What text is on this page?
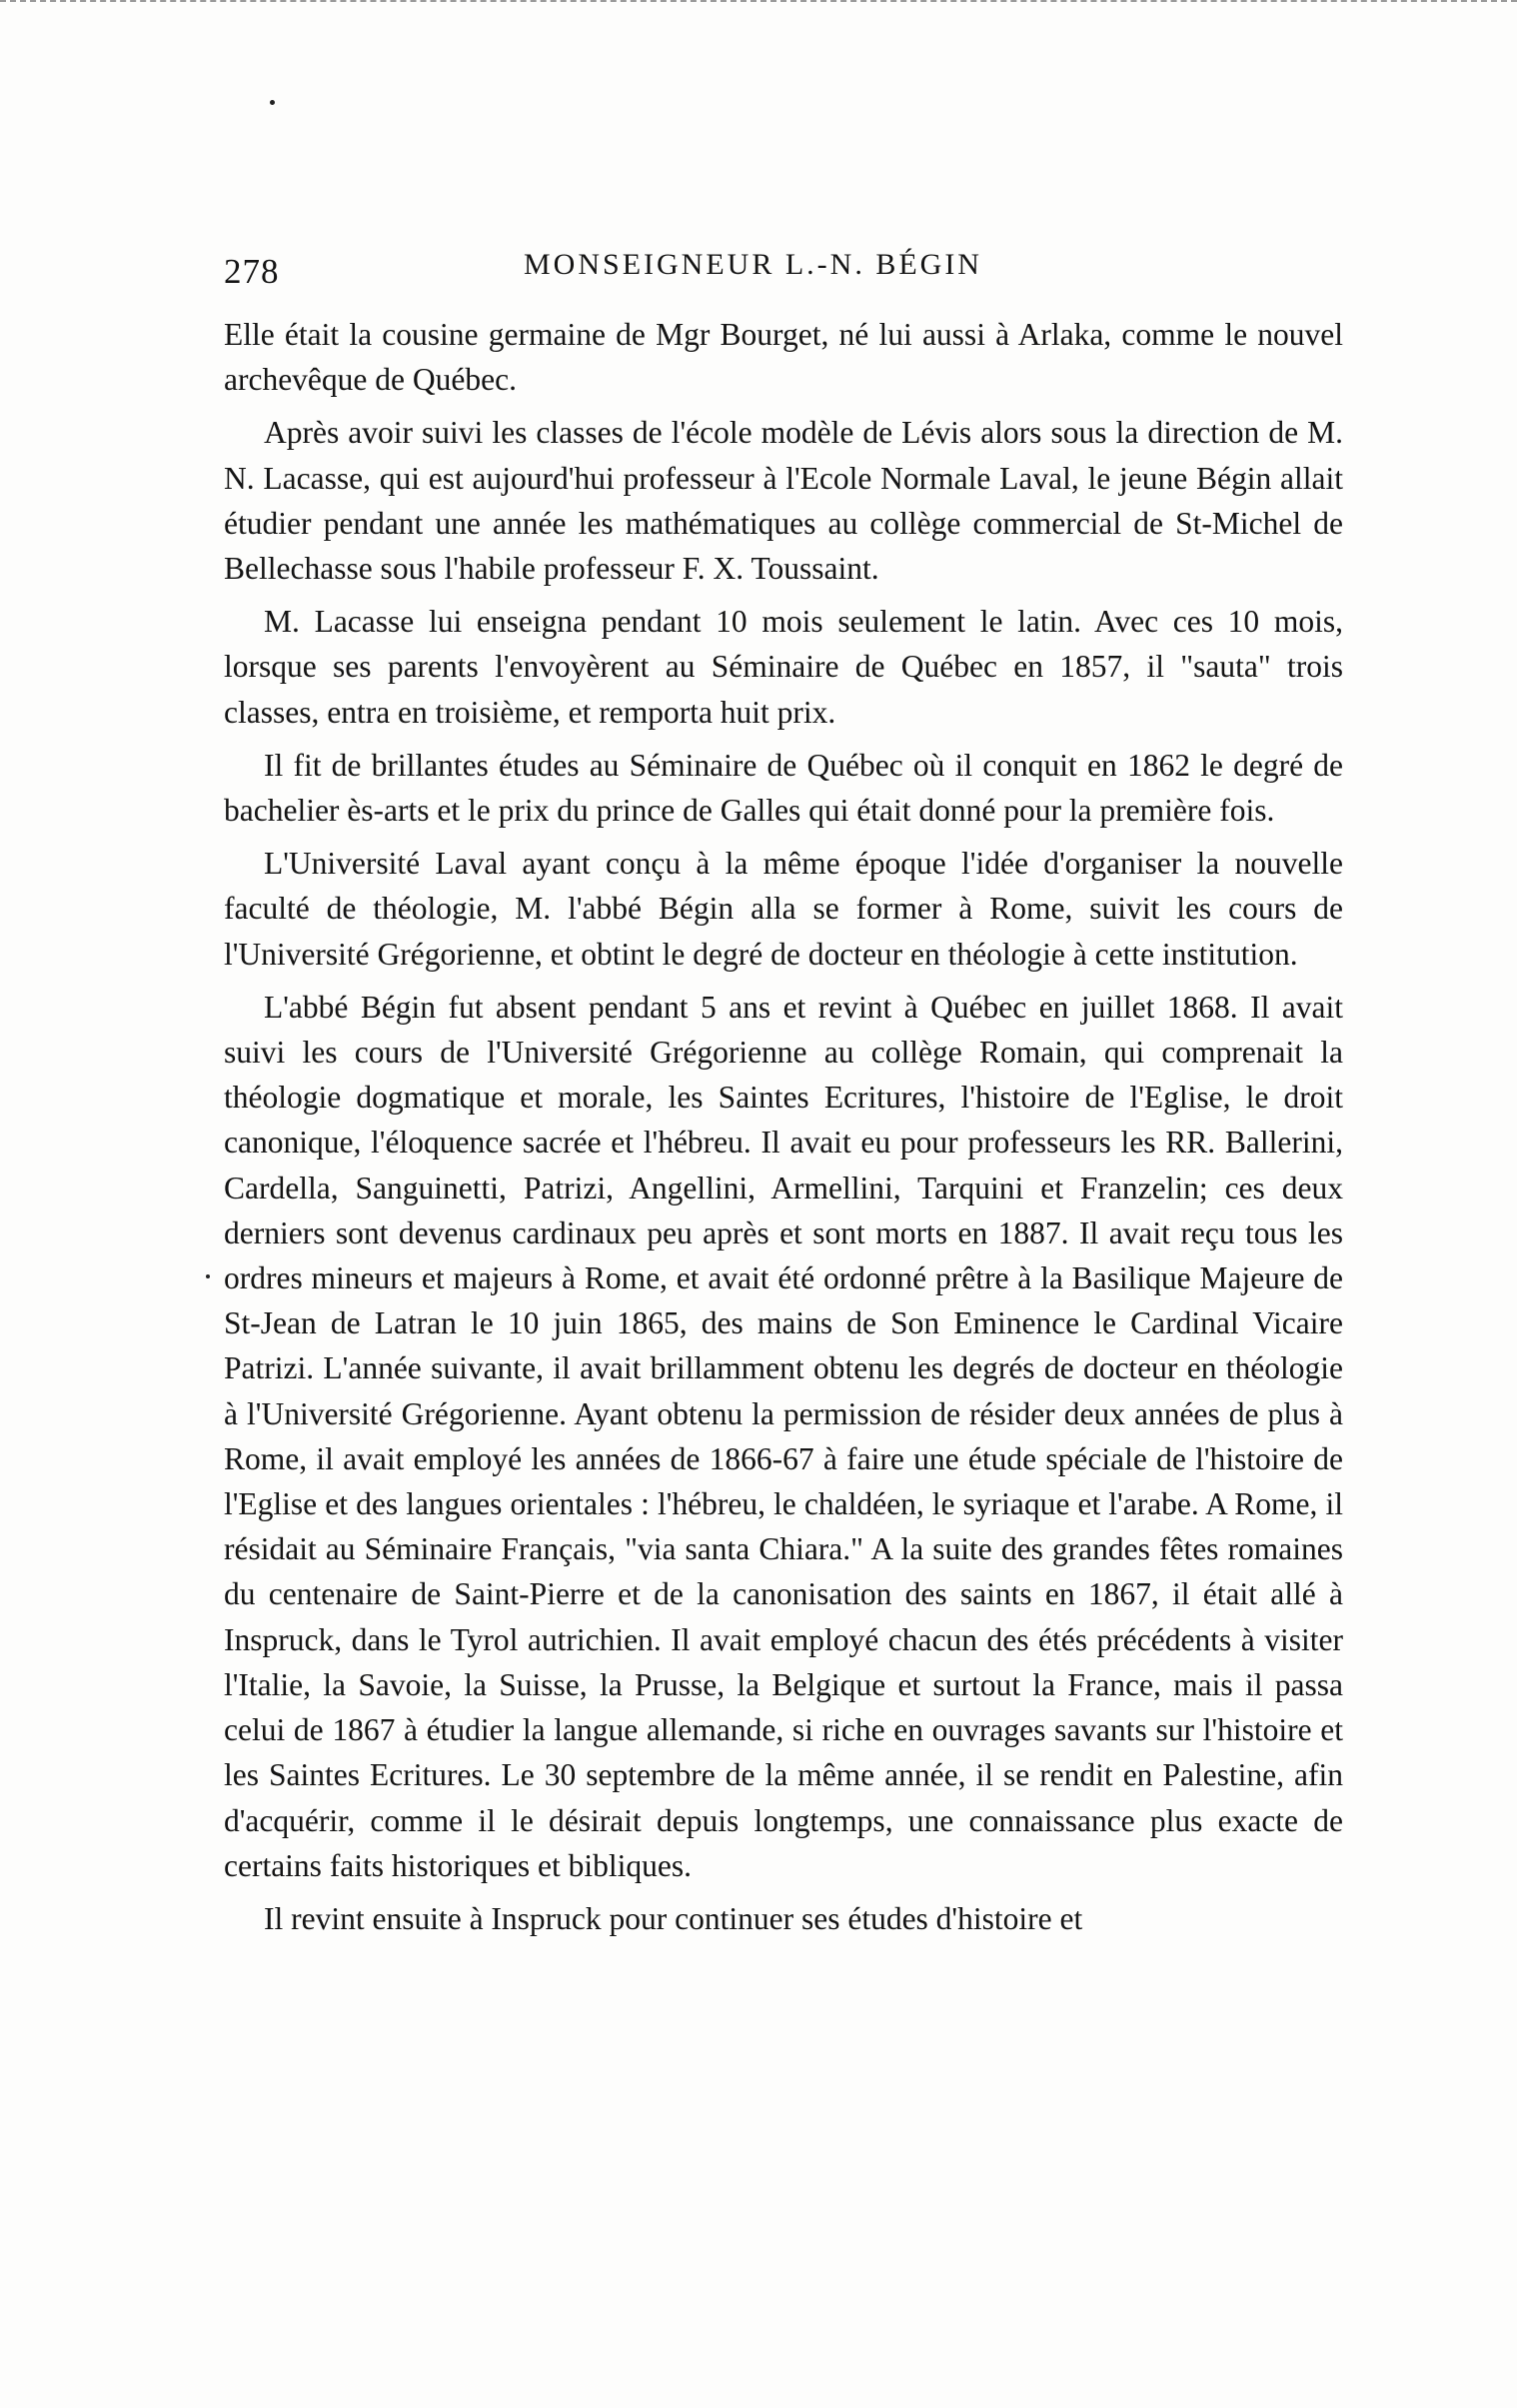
278	MONSEIGNEUR L.-N. BÉGIN

Elle était la cousine germaine de Mgr Bourget, né lui aussi à Arlaka, comme le nouvel archevêque de Québec.

Après avoir suivi les classes de l'école modèle de Lévis alors sous la direction de M. N. Lacasse, qui est aujourd'hui professeur à l'Ecole Normale Laval, le jeune Bégin allait étudier pendant une année les mathématiques au collège commercial de St-Michel de Bellechasse sous l'habile professeur F. X. Toussaint.

M. Lacasse lui enseigna pendant 10 mois seulement le latin. Avec ces 10 mois, lorsque ses parents l'envoyèrent au Séminaire de Québec en 1857, il "sauta" trois classes, entra en troisième, et remporta huit prix.

Il fit de brillantes études au Séminaire de Québec où il conquit en 1862 le degré de bachelier ès-arts et le prix du prince de Galles qui était donné pour la première fois.

L'Université Laval ayant conçu à la même époque l'idée d'organiser la nouvelle faculté de théologie, M. l'abbé Bégin alla se former à Rome, suivit les cours de l'Université Grégorienne, et obtint le degré de docteur en théologie à cette institution.

L'abbé Bégin fut absent pendant 5 ans et revint à Québec en juillet 1868. Il avait suivi les cours de l'Université Grégorienne au collège Romain, qui comprenait la théologie dogmatique et morale, les Saintes Ecritures, l'histoire de l'Eglise, le droit canonique, l'éloquence sacrée et l'hébreu. Il avait eu pour professeurs les RR. Ballerini, Cardella, Sanguinetti, Patrizi, Angellini, Armellini, Tarquini et Franzelin; ces deux derniers sont devenus cardinaux peu après et sont morts en 1887. Il avait reçu tous les ordres mineurs et majeurs à Rome, et avait été ordonné prêtre à la Basilique Majeure de St-Jean de Latran le 10 juin 1865, des mains de Son Eminence le Cardinal Vicaire Patrizi. L'année suivante, il avait brillamment obtenu les degrés de docteur en théologie à l'Université Grégorienne. Ayant obtenu la permission de résider deux années de plus à Rome, il avait employé les années de 1866-67 à faire une étude spéciale de l'histoire de l'Eglise et des langues orientales : l'hébreu, le chaldéen, le syriaque et l'arabe. A Rome, il résidait au Séminaire Français, "via santa Chiara." A la suite des grandes fêtes romaines du centenaire de Saint-Pierre et de la canonisation des saints en 1867, il était allé à Inspruck, dans le Tyrol autrichien. Il avait employé chacun des étés précédents à visiter l'Italie, la Savoie, la Suisse, la Prusse, la Belgique et surtout la France, mais il passa celui de 1867 à étudier la langue allemande, si riche en ouvrages savants sur l'histoire et les Saintes Ecritures. Le 30 septembre de la même année, il se rendit en Palestine, afin d'acquérir, comme il le désirait depuis longtemps, une connaissance plus exacte de certains faits historiques et bibliques.

Il revint ensuite à Inspruck pour continuer ses études d'histoire et
